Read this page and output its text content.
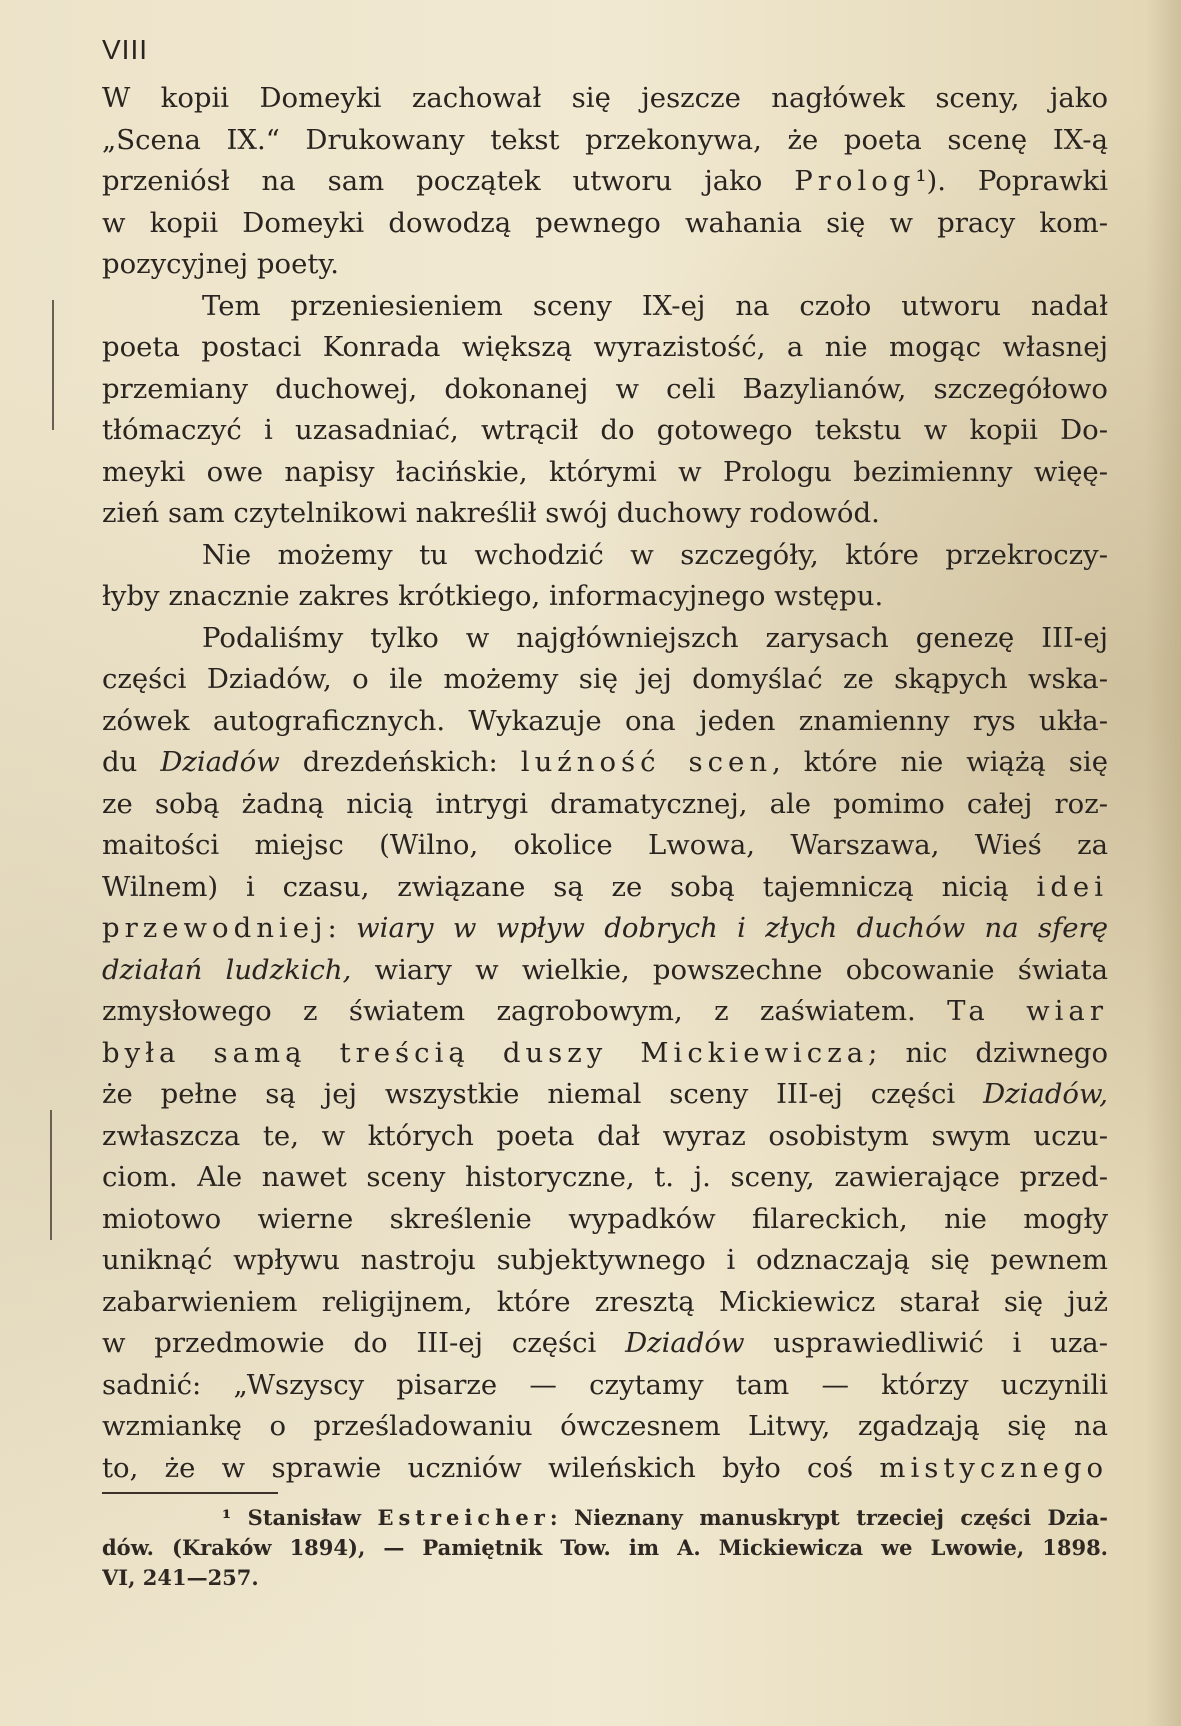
VIII
W kopii Domeyki zachował się jeszcze nagłówek sceny, jako
„Scena IX.“ Drukowany tekst przekonywa, że poeta scenę IX-ą
przeniósł na sam początek utworu jako Prolog¹). Poprawki
w kopii Domeyki dowodzą pewnego wahania się w pracy kom-
pozycyjnej poety.
Tem przeniesieniem sceny IX-ej na czoło utworu nadał
poeta postaci Konrada większą wyrazistość, a nie mogąc własnej
przemiany duchowej, dokonanej w celi Bazylianów, szczegółowo
tłómaczyć i uzasadniać, wtrącił do gotowego tekstu w kopii Do-
meyki owe napisy łacińskie, którymi w Prologu bezimienny więę-
zień sam czytelnikowi nakreślił swój duchowy rodowód.
Nie możemy tu wchodzić w szczegóły, które przekroczy-
łyby znacznie zakres krótkiego, informacyjnego wstępu.
Podaliśmy tylko w najgłówniejszch zarysach genezę III-ej
części Dziadów, o ile możemy się jej domyślać ze skąpych wska-
zówek autograficznych. Wykazuje ona jeden znamienny rys ukła-
du Dziadów drezdeńskich: luźność scen, które nie wiążą się
ze sobą żadną nicią intrygi dramatycznej, ale pomimo całej roz-
maitości miejsc (Wilno, okolice Lwowa, Warszawa, Wieś za
Wilnem) i czasu, związane są ze sobą tajemniczą nicią idei
przewodniej: wiary w wpływ dobrych i złych duchów na sferę
działań ludzkich, wiary w wielkie, powszechne obcowanie świata
zmysłowego z światem zagrobowym, z zaświatem. Ta wiar
była samą treścią duszy Mickiewicza; nic dziwnego
że pełne są jej wszystkie niemal sceny III-ej części Dziadów,
zwłaszcza te, w których poeta dał wyraz osobistym swym uczu-
ciom. Ale nawet sceny historyczne, t. j. sceny, zawierające przed-
miotowo wierne skreślenie wypadków filareckich, nie mogły
uniknąć wpływu nastroju subjektywnego i odznaczają się pewnem
zabarwieniem religijnem, które zresztą Mickiewicz starał się już
w przedmowie do III-ej części Dziadów usprawiedliwić i uza-
sadnić: „Wszyscy pisarze — czytamy tam — którzy uczynili
wzmiankę o prześladowaniu ówczesnem Litwy, zgadzają się na
to, że w sprawie uczniów wileńskich było coś mistycznego
¹ Stanisław Estreicher: Nieznany manuskrypt trzeciej części Dzia-
dów. (Kraków 1894), — Pamiętnik Tow. im A. Mickiewicza we Lwowie, 1898.
VI, 241—257.
